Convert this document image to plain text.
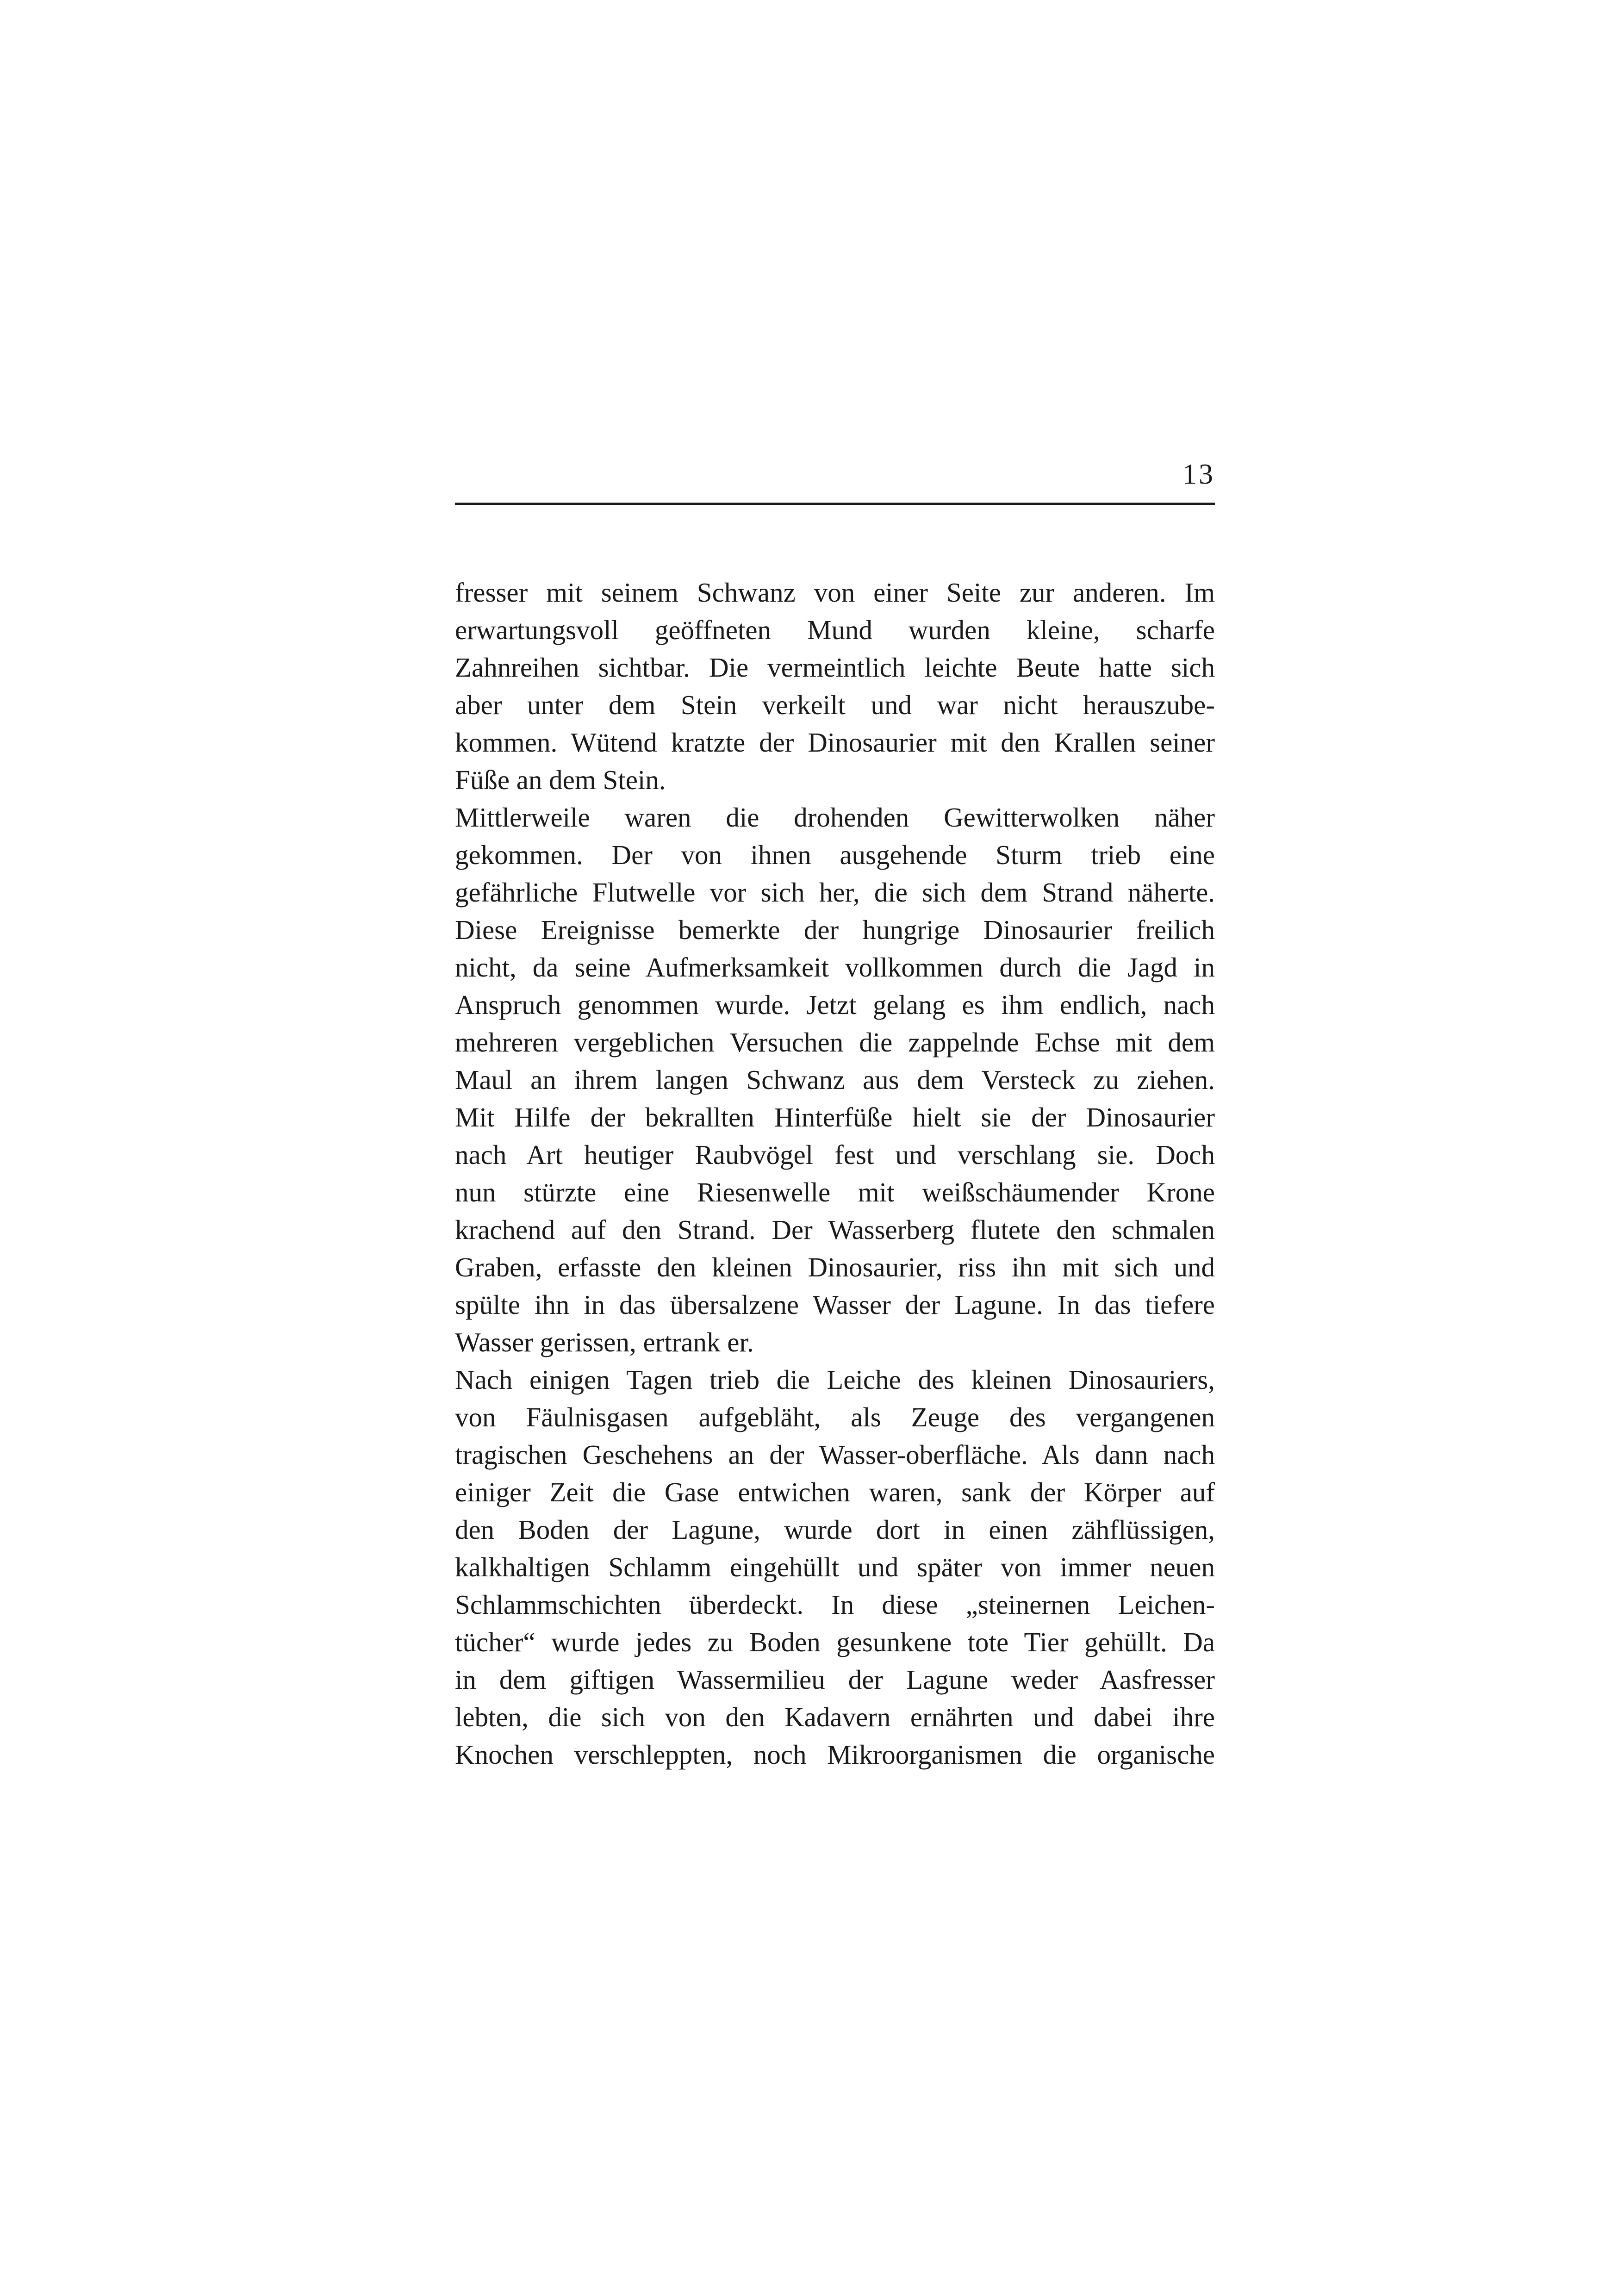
13

fresser mit seinem Schwanz von einer Seite zur anderen. Im
erwartungsvoll geöffneten Mund wurden kleine, scharfe
Zahnreihen sichtbar. Die vermeintlich leichte Beute hatte sich
aber unter dem Stein verkeilt und war nicht herauszube-
kommen. Wütend kratzte der Dinosaurier mit den Krallen seiner
Füße an dem Stein.

Mittlerweile waren die drohenden Gewitterwolken näher
gekommen. Der von ihnen ausgehende Sturm trieb eine
gefährliche Flutwelle vor sich her, die sich dem Strand näherte.
Diese Ereignisse bemerkte der hungrige Dinosaurier freilich
nicht, da seine Aufmerksamkeit vollkommen durch die Jagd in
Anspruch genommen wurde. Jetzt gelang es ihm endlich, nach
mehreren vergeblichen Versuchen die zappelnde Echse mit dem
Maul an ihrem langen Schwanz aus dem Versteck zu ziehen.
Mit Hilfe der bekrallten Hinterfüße hielt sie der Dinosaurier
nach Art heutiger Raubvögel fest und verschlang sie. Doch
nun stürzte eine Riesenwelle mit weißschäumender Krone
krachend auf den Strand. Der Wasserberg flutete den schmalen
Graben, erfasste den kleinen Dinosaurier, riss ihn mit sich und
spülte ihn in das übersalzene Wasser der Lagune. In das tiefere
Wasser gerissen, ertrank er.

Nach einigen Tagen trieb die Leiche des kleinen Dinosauriers,
von Fäulnisgasen aufgebläht, als Zeuge des vergangenen
tragischen Geschehens an der Wasser-oberfläche. Als dann nach
einiger Zeit die Gase entwichen waren, sank der Körper auf
den Boden der Lagune, wurde dort in einen zähflüssigen,
kalkhaltigen Schlamm eingehüllt und später von immer neuen
Schlammschichten überdeckt. In diese „steinernen Leichen-
tücher“ wurde jedes zu Boden gesunkene tote Tier gehüllt. Da
in dem giftigen Wassermilieu der Lagune weder Aasfresser
lebten, die sich von den Kadavern ernährten und dabei ihre
Knochen verschleppten, noch Mikroorganismen die organische
